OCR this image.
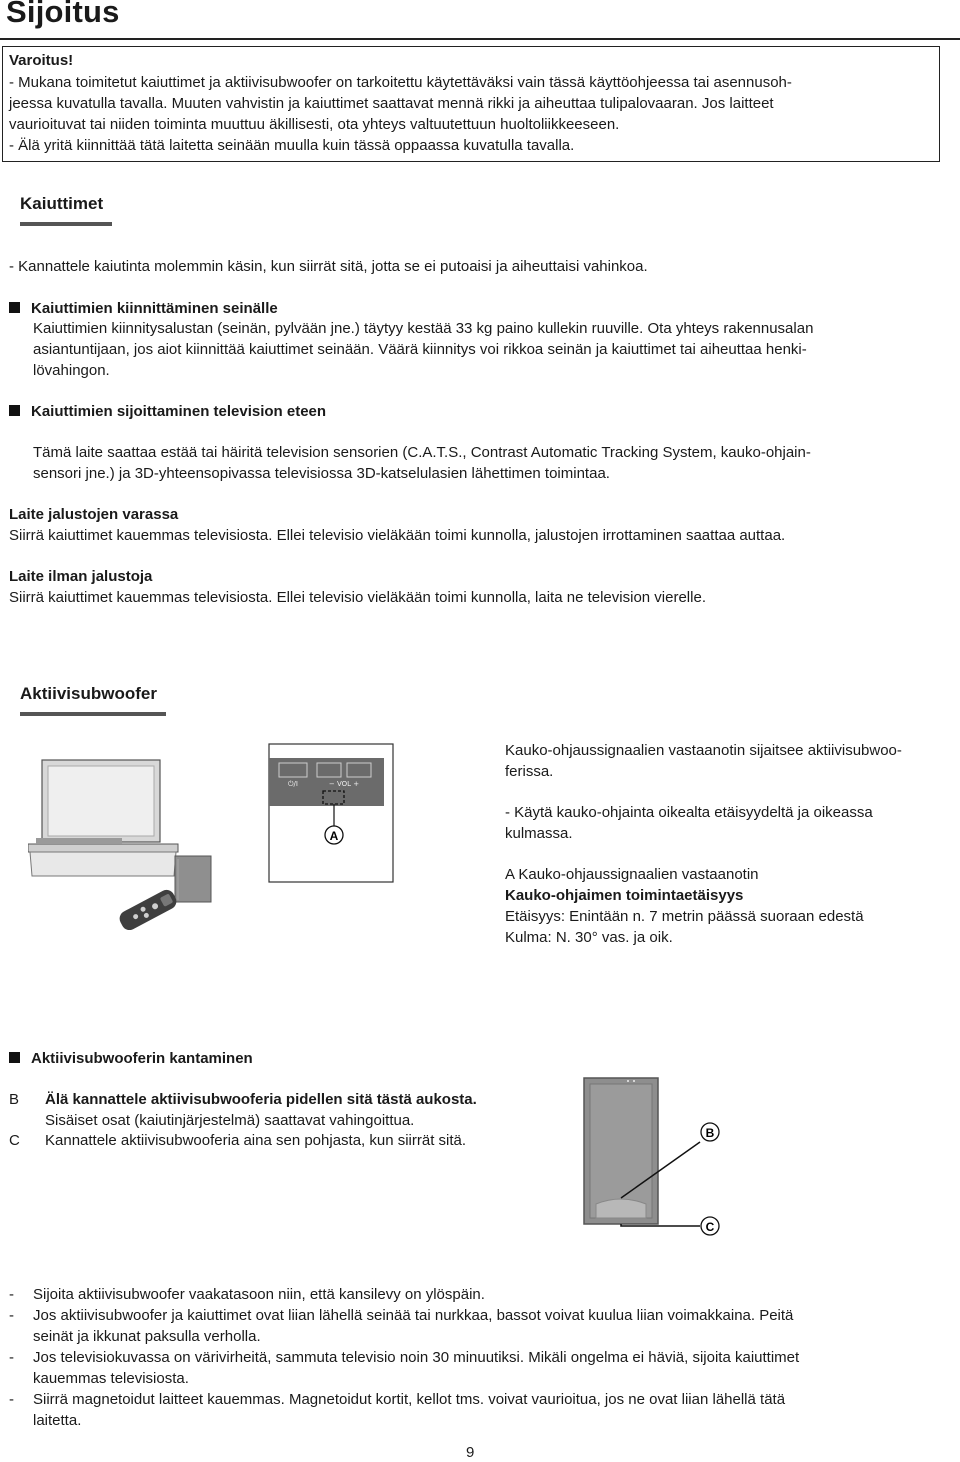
Sijoitus
Varoitus!
- Mukana toimitetut kaiuttimet ja aktiivisubwoofer on tarkoitettu käytettäväksi vain tässä käyttöohjeessa tai asennusoh-
jeessa kuvatulla tavalla. Muuten vahvistin ja kaiuttimet saattavat mennä rikki ja aiheuttaa tulipalovaaran. Jos laitteet
vaurioituvat tai niiden toiminta muuttuu äkillisesti, ota yhteys valtuutettuun huoltoliikkeeseen.
- Älä yritä kiinnittää tätä laitetta seinään muulla kuin tässä oppaassa kuvatulla tavalla.
Kaiuttimet
- Kannattele kaiutinta molemmin käsin, kun siirrät sitä, jotta se ei putoaisi ja aiheuttaisi vahinkoa.
Kaiuttimien kiinnittäminen seinälle
Kaiuttimien kiinnitysalustan (seinän, pylvään jne.) täytyy kestää 33 kg paino kullekin ruuville. Ota yhteys rakennusalan
asiantuntijaan, jos aiot kiinnittää kaiuttimet seinään. Väärä kiinnitys voi rikkoa seinän ja kaiuttimet tai aiheuttaa henki-
lövahingon.
Kaiuttimien sijoittaminen television eteen
Tämä laite saattaa estää tai häiritä television sensorien (C.A.T.S., Contrast Automatic Tracking System, kauko-ohjain-
sensori jne.) ja 3D-yhteensopivassa televisiossa 3D-katselulasien lähettimen toimintaa.
Laite jalustojen varassa
Siirrä kaiuttimet kauemmas televisiosta. Ellei televisio vieläkään toimi kunnolla, jalustojen irrottaminen saattaa auttaa.
Laite ilman jalustoja
Siirrä kaiuttimet kauemmas televisiosta. Ellei televisio vieläkään toimi kunnolla, laita ne television vierelle.
Aktiivisubwoofer
⏻/I	− VOL +
A
Kauko-ohjaussignaalien vastaanotin sijaitsee aktiivisubwoo-
ferissa.
- Käytä kauko-ohjainta oikealta etäisyydeltä ja oikeassa
kulmassa.
A Kauko-ohjaussignaalien vastaanotin
Kauko-ohjaimen toimintaetäisyys
Etäisyys: Enintään n. 7 metrin päässä suoraan edestä
Kulma: N. 30° vas. ja oik.
Aktiivisubwooferin kantaminen
B Älä kannattele aktiivisubwooferia pidellen sitä tästä aukosta.
Sisäiset osat (kaiutinjärjestelmä) saattavat vahingoittua.
C Kannattele aktiivisubwooferia aina sen pohjasta, kun siirrät sitä.	B
C
- Sijoita aktiivisubwoofer vaakatasoon niin, että kansilevy on ylöspäin.
- Jos aktiivisubwoofer ja kaiuttimet ovat liian lähellä seinää tai nurkkaa, bassot voivat kuulua liian voimakkaina. Peitä
seinät ja ikkunat paksulla verholla.
- Jos televisiokuvassa on värivirheitä, sammuta televisio noin 30 minuutiksi. Mikäli ongelma ei häviä, sijoita kaiuttimet
kauemmas televisiosta.
- Siirrä magnetoidut laitteet kauemmas. Magnetoidut kortit, kellot tms. voivat vaurioitua, jos ne ovat liian lähellä tätä
laitetta.
9
